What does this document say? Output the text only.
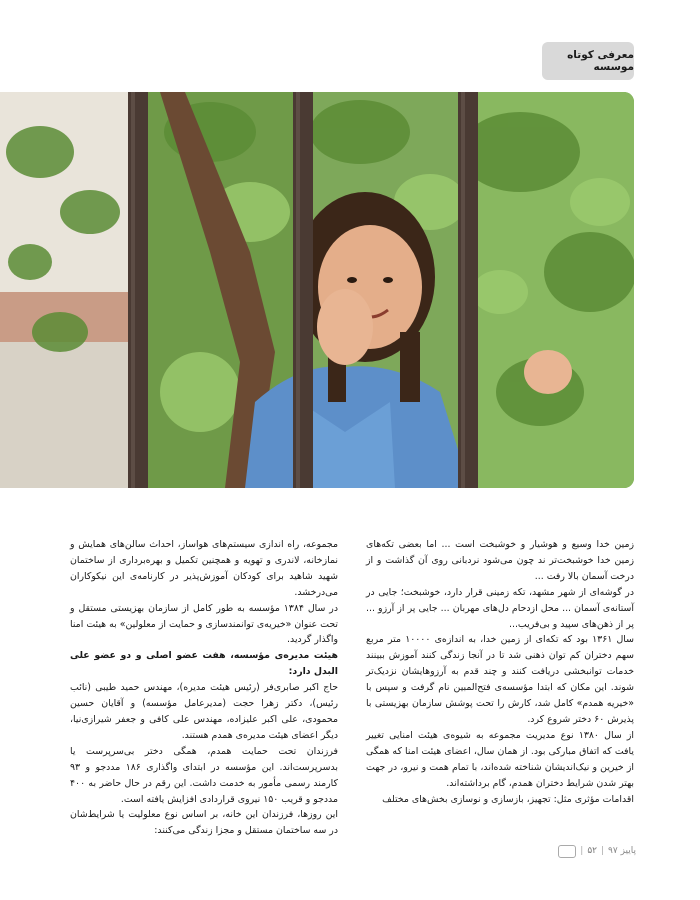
معرفی کوتاه موسسه

زمین خدا وسیع و هوشیار و خوشبخت است ... اما بعضی تکه‌های زمین خدا خوشبخت‌تر ند چون می‌شود نردبانی روی آن گذاشت و از درخت آسمان بالا رفت ...

در گوشه‌ای از شهر مشهد، تکه زمینی قرار دارد، خوشبخت؛ جایی در آستانه‌ی آسمان ... محل ازدحام دل‌های مهربان ... جایی پر از آرزو ... پر از ذهن‌های سپید و بی‌فریب...

سال ۱۳۶۱ بود که تکه‌ای از زمین خدا، به اندازه‌ی ۱۰۰۰۰ متر مربع سهم دختران کم توان ذهنی شد تا در آنجا زندگی کنند آموزش ببینند خدمات توانبخشی دریافت کنند و چند قدم به آرزوهایشان نزدیک‌تر شوند. این مکان که ابتدا مؤسسه‌ی فتح‌المبین نام گرفت و سپس با «خیریه همدم» کامل شد، کارش را تحت پوشش سازمان بهزیستی با پذیرش ۶۰ دختر شروع کرد.

از سال ۱۳۸۰ نوع مدیریت مجموعه به شیوه‌ی هیئت امنایی تغییر یافت که اتفاق مبارکی بود. از همان سال، اعضای هیئت امنا که همگی از خیرین و نیک‌اندیشان شناخته شده‌اند، با تمام همت و نیرو، در جهت بهتر شدن شرایط دختران همدم، گام برداشته‌اند.

اقدامات مؤثری مثل: تجهیز، بازسازی و نوسازی بخش‌های مختلف

مجموعه، راه اندازی سیستم‌های هواساز، احداث سالن‌های همایش و نمازخانه، لاندری و تهویه و همچنین تکمیل و بهره‌برداری از ساختمان شهید شاهید برای کودکان آموزش‌پذیر در کارنامه‌ی این نیکوکاران می‌درخشد.

در سال ۱۳۸۴ مؤسسه به طور کامل از سازمان بهزیستی مستقل و تحت عنوان «خیریه‌ی توانمندسازی و حمایت از معلولین» به هیئت امنا واگذار گردید.

هیئت مدیره‌ی مؤسسه، هفت عضو اصلی و دو عضو علی البدل دارد:

حاج اکبر صابری‌فر (رئیس هیئت مدیره)، مهندس حمید طیبی (نائب رئیس)، دکتر زهرا حجت (مدیرعامل مؤسسه) و آقایان حسین محمودی، علی اکبر علیزاده، مهندس علی کافی و جعفر شیرازی‌نیا، دیگر اعضای هیئت مدیره‌ی همدم هستند.

فرزندان تحت حمایت همدم، همگی دختر بی‌سرپرست یا بدسرپرست‌اند. این مؤسسه در ابتدای واگذاری ۱۸۶ مددجو و ۹۳ کارمند رسمی مأمور به خدمت داشت. این رقم در حال حاضر به ۴۰۰ مددجو و قریب ۱۵۰ نیروی قراردادی افزایش یافته است.

این روزها، فرزندان این خانه، بر اساس نوع معلولیت یا شرایط‌شان در سه ساختمان مستقل و مجزا زندگی می‌کنند:

پاییز ۹۷
|
۵۲
|
